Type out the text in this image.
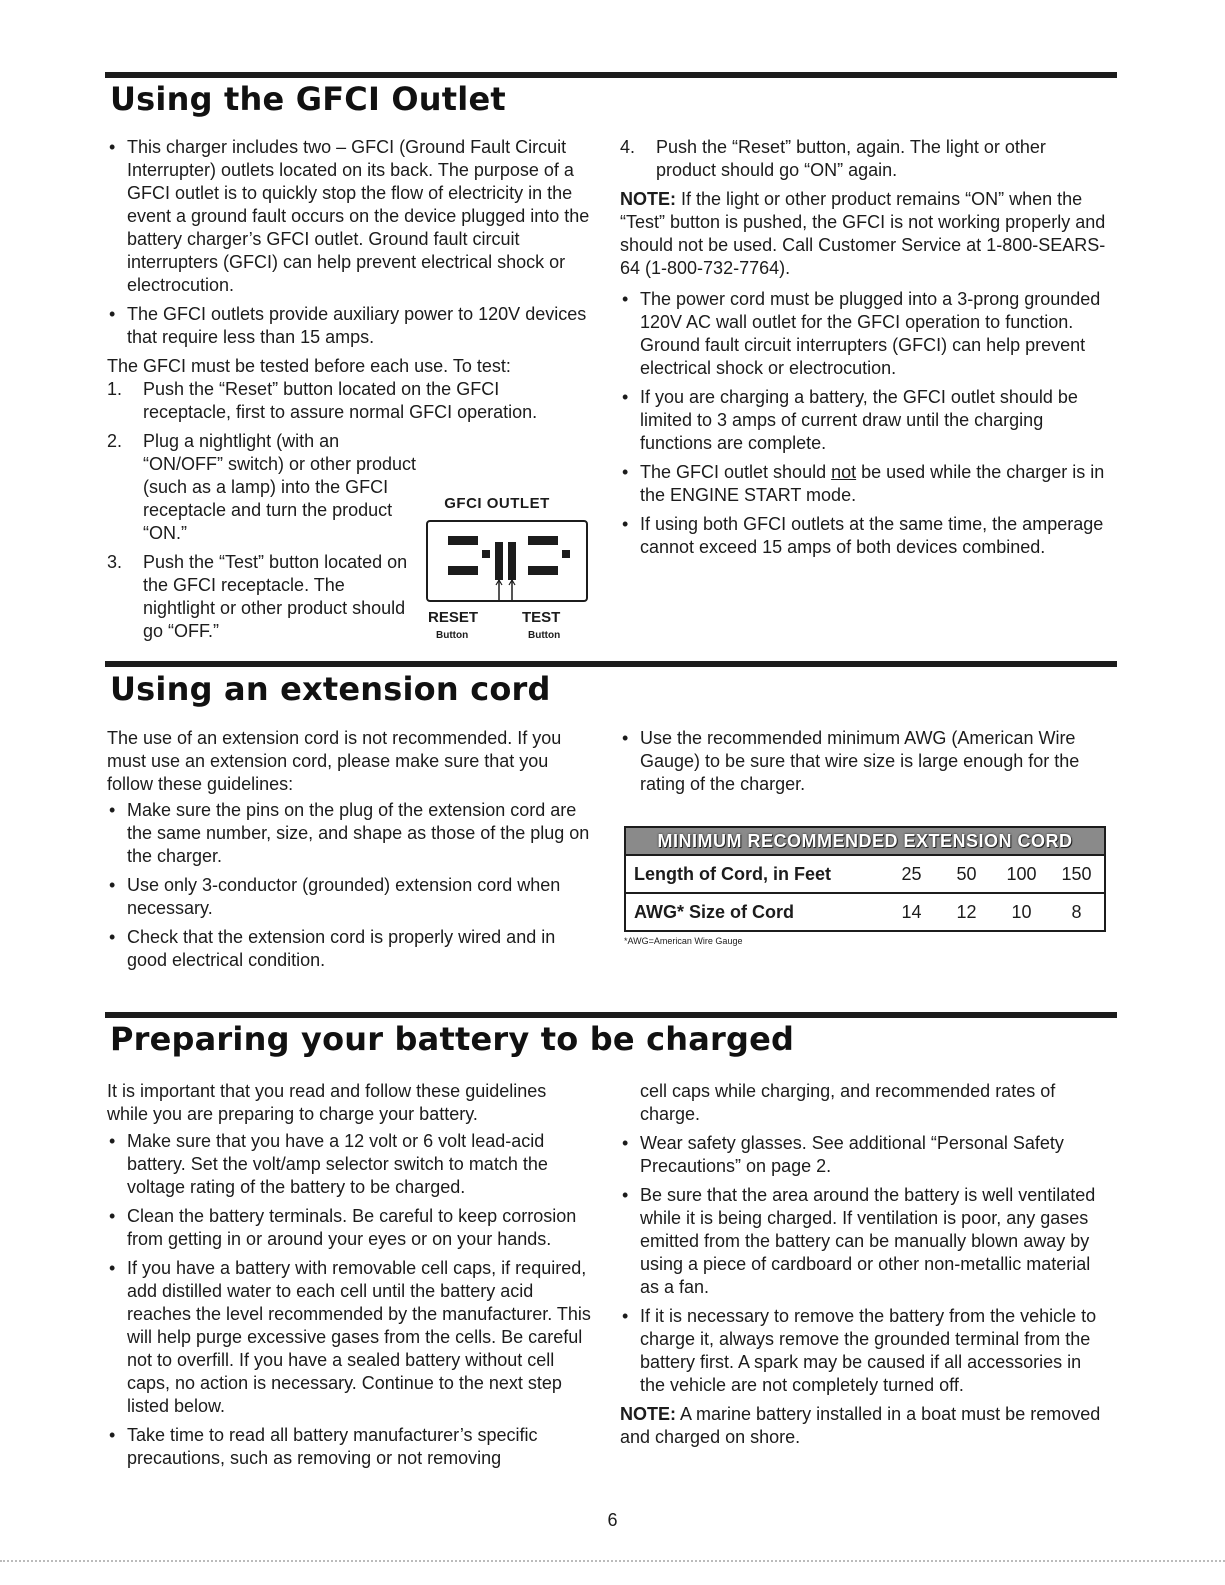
Using the GFCI Outlet
• This charger includes two – GFCI (Ground Fault Circuit Interrupter) outlets located on its back. The purpose of a GFCI outlet is to quickly stop the flow of electricity in the event a ground fault occurs on the device plugged into the battery charger’s GFCI outlet. Ground fault circuit interrupters (GFCI) can help prevent electrical shock or electrocution.
• The GFCI outlets provide auxiliary power to 120V devices that require less than 15 amps.

The GFCI must be tested before each use. To test:

1. Push the “Reset” button located on the GFCI receptacle, first to assure normal GFCI operation.
2. Plug a nightlight (with an “ON/OFF” switch) or other product (such as a lamp) into the GFCI receptacle and turn the product “ON.”
3. Push the “Test” button located on the GFCI receptacle. The nightlight or other product should go “OFF.”
GFCI OUTLET
RESET	TEST
Button	Button
4. Push the “Reset” button, again. The light or other product should go “ON” again.

NOTE: If the light or other product remains “ON” when the “Test” button is pushed, the GFCI is not working properly and should not be used. Call Customer Service at 1-800-SEARS-64 (1-800-732-7764).

• The power cord must be plugged into a 3-prong grounded 120V AC wall outlet for the GFCI operation to function. Ground fault circuit interrupters (GFCI) can help prevent electrical shock or electrocution.
• If you are charging a battery, the GFCI outlet should be limited to 3 amps of current draw until the charging functions are complete.
• The GFCI outlet should not be used while the charger is in the ENGINE START mode.
• If using both GFCI outlets at the same time, the amperage cannot exceed 15 amps of both devices combined.
Using an extension cord

The use of an extension cord is not recommended. If you must use an extension cord, please make sure that you follow these guidelines:

• Make sure the pins on the plug of the extension cord are the same number, size, and shape as those of the plug on the charger.
• Use only 3-conductor (grounded) extension cord when necessary.
• Check that the extension cord is properly wired and in good electrical condition.
• Use the recommended minimum AWG (American Wire Gauge) to be sure that wire size is large enough for the rating of the charger.
MINIMUM RECOMMENDED EXTENSION CORD
Length of Cord, in Feet	25	50	100	150
AWG* Size of Cord	14	12	10	8
*AWG=American Wire Gauge
Preparing your battery to be charged

It is important that you read and follow these guidelines while you are preparing to charge your battery.

• Make sure that you have a 12 volt or 6 volt lead-acid battery. Set the volt/amp selector switch to match the voltage rating of the battery to be charged.
• Clean the battery terminals. Be careful to keep corrosion from getting in or around your eyes or on your hands.
• If you have a battery with removable cell caps, if required, add distilled water to each cell until the battery acid reaches the level recommended by the manufacturer. This will help purge excessive gases from the cells. Be careful not to overfill. If you have a sealed battery without cell caps, no action is necessary. Continue to the next step listed below.
• Take time to read all battery manufacturer’s specific precautions, such as removing or not removing

cell caps while charging, and recommended rates of charge.

• Wear safety glasses. See additional “Personal Safety Precautions” on page 2.
• Be sure that the area around the battery is well ventilated while it is being charged. If ventilation is poor, any gases emitted from the battery can be manually blown away by using a piece of cardboard or other non-metallic material as a fan.
• If it is necessary to remove the battery from the vehicle to charge it, always remove the grounded terminal from the battery first. A spark may be caused if all accessories in the vehicle are not completely turned off.

NOTE: A marine battery installed in a boat must be removed and charged on shore.

6
